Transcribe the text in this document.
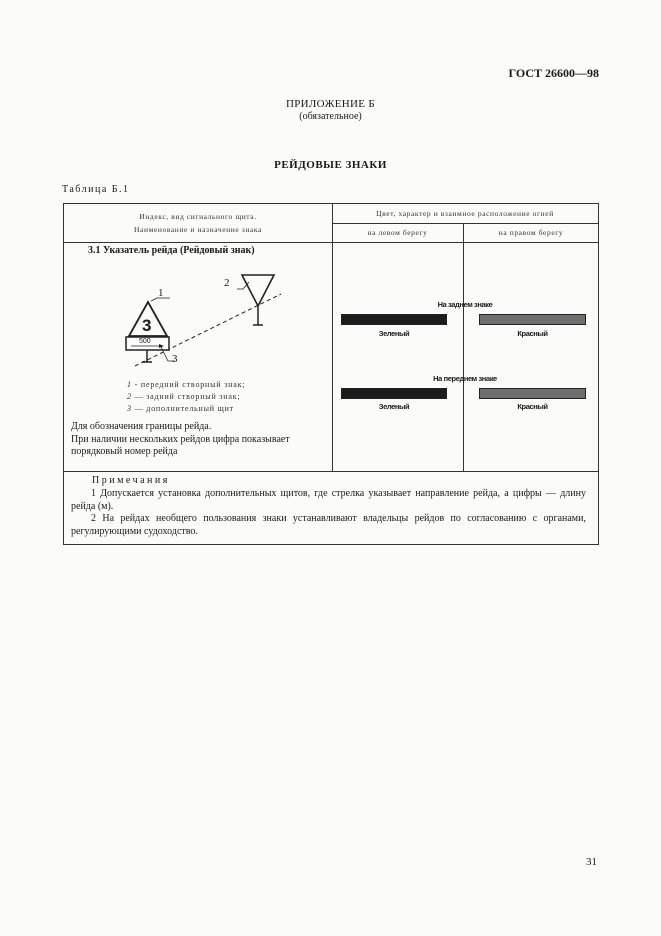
ГОСТ 26600—98
ПРИЛОЖЕНИЕ Б
(обязательное)
РЕЙДОВЫЕ ЗНАКИ
Таблица Б.1
Индекс, вид сигнального щита.
Наименование и назначение знака
Цвет, характер и взаимное расположение огней
на левом берегу	на правом берегу
3.1 Указатель рейда (Рейдовый знак)
3
500
1
2
3
1 - передний створный знак;
2 — задний створный знак;
3 — дополнительный щит
Для обозначения границы рейда.
При наличии нескольких рейдов цифра показывает
порядковый номер рейда
На заднем знаке
Зеленый	Красный
На переднем знаке
Зеленый	Красный
Примечания
1 Допускается установка дополнительных щитов, где стрелка указывает направление рейда, а цифры — длину рейда (м).
2 На рейдах необщего пользования знаки устанавливают владельцы рейдов по согласованию с органами, регулирующими судоходство.
31
